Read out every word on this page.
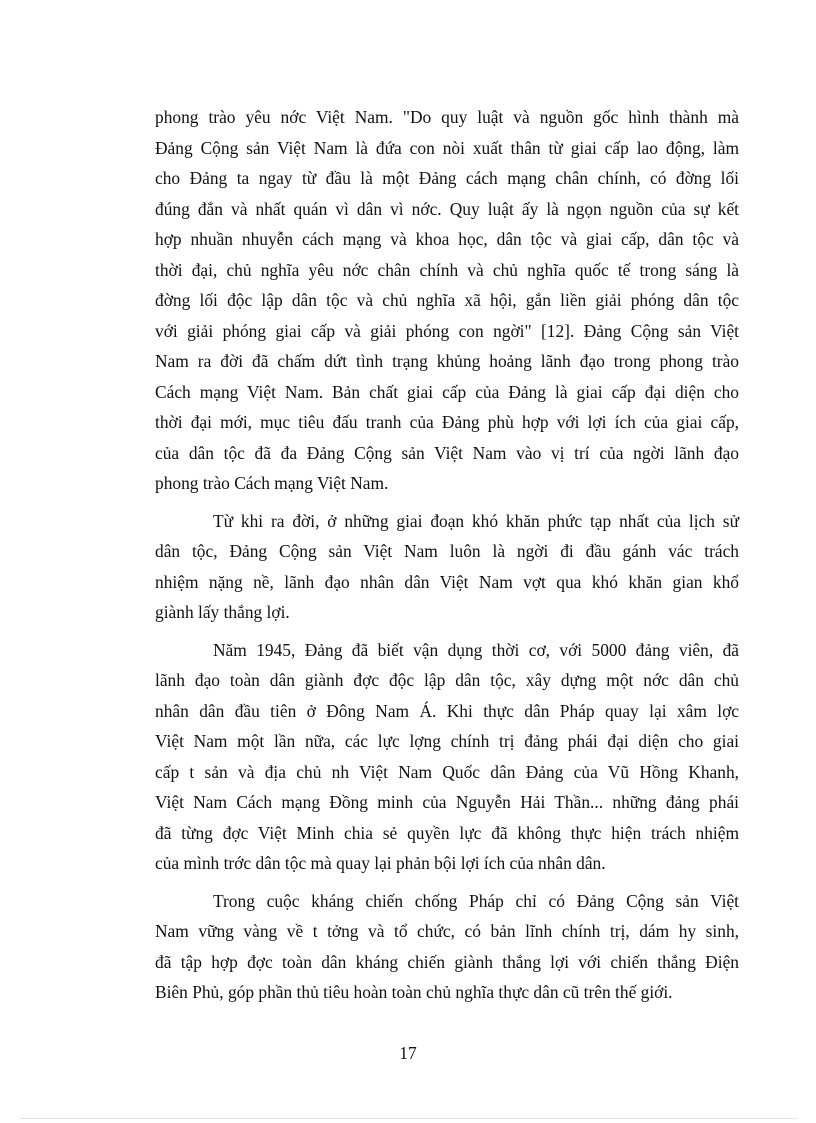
phong trào yêu nớc Việt Nam. "Do quy luật và nguồn gốc hình thành mà
Đảng Cộng sản Việt Nam là đứa con nòi xuất thân từ giai cấp lao động, làm
cho Đảng ta ngay từ đầu là một Đảng cách mạng chân chính, có đờng lối
đúng đắn và nhất quán vì dân vì nớc. Quy luật ấy là ngọn nguồn của sự kết
hợp nhuần nhuyễn cách mạng và khoa học, dân tộc và giai cấp, dân tộc và
thời đại, chủ nghĩa yêu nớc chân chính và chủ nghĩa quốc tế trong sáng là
đờng lối độc lập dân tộc và chủ nghĩa xã hội, gắn liền giải phóng dân tộc
với giải phóng giai cấp và giải phóng con ngời" [12]. Đảng Cộng sản Việt
Nam ra đời đã chấm dứt tình trạng khủng hoảng lãnh đạo trong phong trào
Cách mạng Việt Nam. Bản chất giai cấp của Đảng là giai cấp đại diện cho
thời đại mới, mục tiêu đấu tranh của Đảng phù hợp với lợi ích của giai cấp,
của dân tộc đã đa Đảng Cộng sản Việt Nam vào vị trí của ngời lãnh đạo
phong trào Cách mạng Việt Nam.

Từ khi ra đời, ở những giai đoạn khó khăn phức tạp nhất của lịch sử
dân tộc, Đảng Cộng sản Việt Nam luôn là ngời đi đầu gánh vác trách
nhiệm nặng nề, lãnh đạo nhân dân Việt Nam vợt qua khó khăn gian khổ
giành lấy thắng lợi.

Năm 1945, Đảng đã biết vận dụng thời cơ, với 5000 đảng viên, đã
lãnh đạo toàn dân giành đợc độc lập dân tộc, xây dựng một nớc dân chủ
nhân dân đầu tiên ở Đông Nam Á. Khi thực dân Pháp quay lại xâm lợc
Việt Nam một lần nữa, các lực lợng chính trị đảng phái đại diện cho giai
cấp t sản và địa chủ nh Việt Nam Quốc dân Đảng của Vũ Hồng Khanh,
Việt Nam Cách mạng Đồng minh của Nguyễn Hải Thần... những đảng phái
đã từng đợc Việt Minh chia sẻ quyền lực đã không thực hiện trách nhiệm
của mình trớc dân tộc mà quay lại phản bội lợi ích của nhân dân.

Trong cuộc kháng chiến chống Pháp chỉ có Đảng Cộng sản Việt
Nam vững vàng về t tởng và tổ chức, có bản lĩnh chính trị, dám hy sinh,
đã tập hợp đợc toàn dân kháng chiến giành thắng lợi với chiến thắng Điện
Biên Phủ, góp phần thủ tiêu hoàn toàn chủ nghĩa thực dân cũ trên thế giới.

17
